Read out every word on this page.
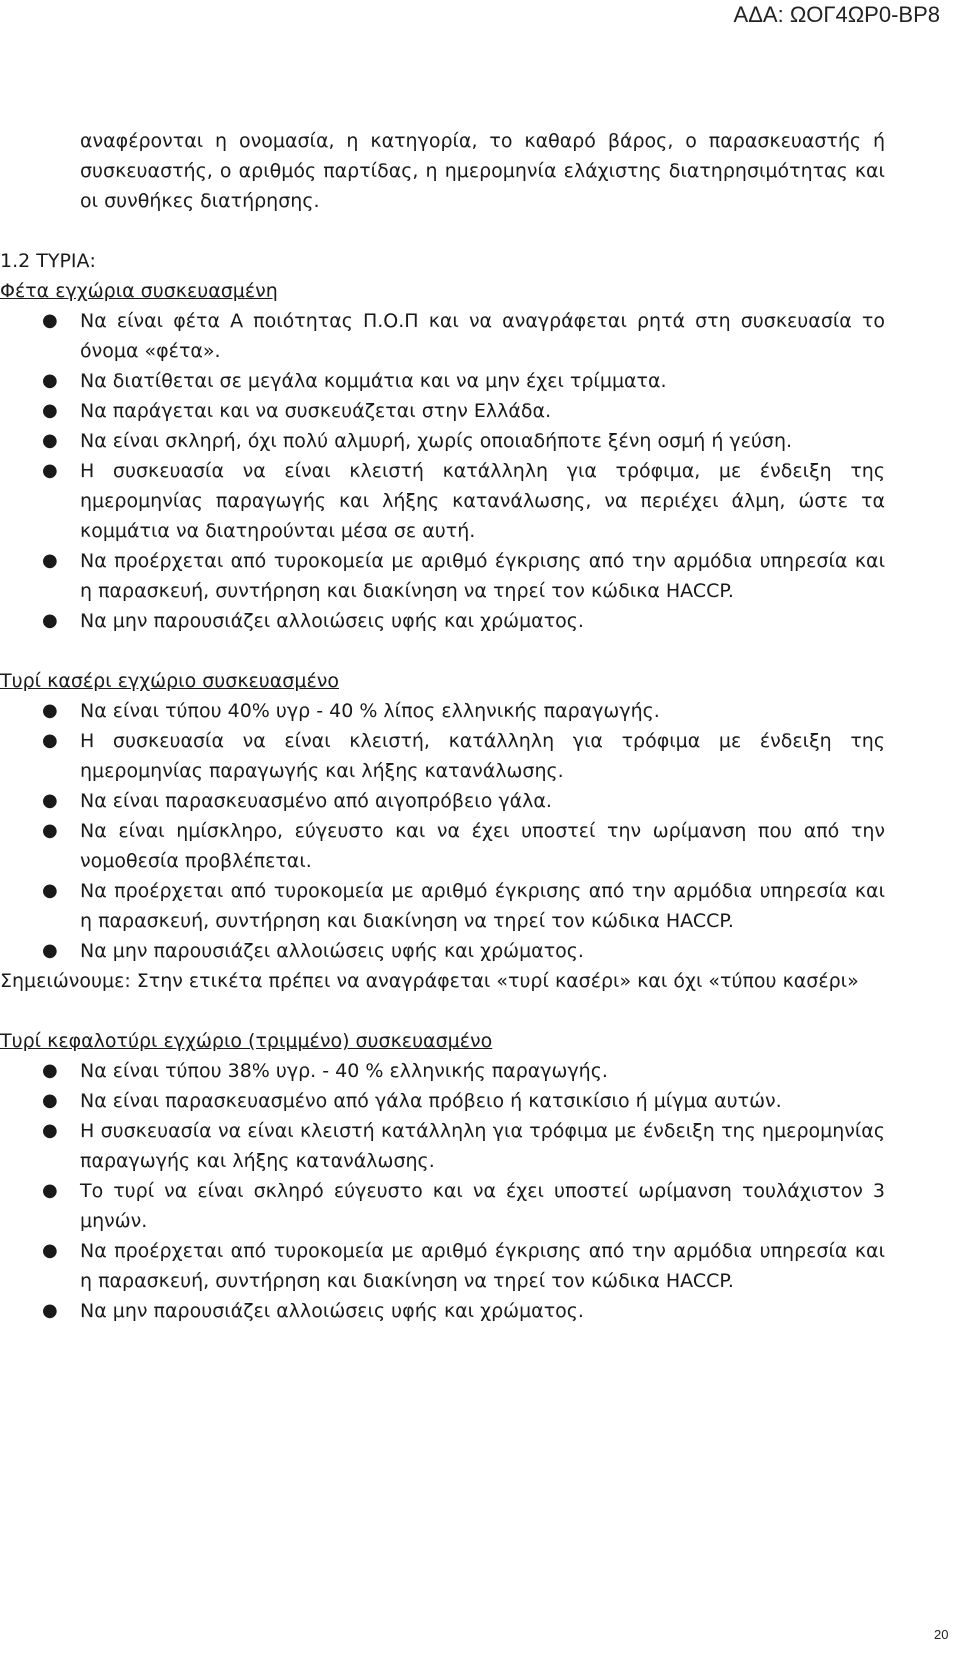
ΑΔΑ: ΩΟΓ4ΩΡ0-ΒΡ8
αναφέρονται η ονομασία, η κατηγορία, το καθαρό βάρος, ο παρασκευαστής ή συσκευαστής, ο αριθμός παρτίδας, η ημερομηνία ελάχιστης διατηρησιμότητας και οι συνθήκες διατήρησης.
1.2 ΤΥΡΙΑ:
Φέτα εγχώρια συσκευασμένη
● Να είναι φέτα Α ποιότητας Π.Ο.Π και να αναγράφεται ρητά στη συσκευασία το όνομα «φέτα».
● Να διατίθεται σε μεγάλα κομμάτια και να μην έχει τρίμματα.
● Να παράγεται και να συσκευάζεται στην Ελλάδα.
● Να είναι σκληρή, όχι πολύ αλμυρή, χωρίς οποιαδήποτε ξένη οσμή ή γεύση.
● Η συσκευασία να είναι κλειστή κατάλληλη για τρόφιμα, με ένδειξη της ημερομηνίας παραγωγής και λήξης κατανάλωσης, να περιέχει άλμη, ώστε τα κομμάτια να διατηρούνται μέσα σε αυτή.
● Να προέρχεται από τυροκομεία με αριθμό έγκρισης από την αρμόδια υπηρεσία και η παρασκευή, συντήρηση και διακίνηση να τηρεί τον κώδικα HACCP.
● Να μην παρουσιάζει αλλοιώσεις υφής και χρώματος.
Τυρί κασέρι εγχώριο συσκευασμένο
● Να είναι τύπου 40% υγρ - 40 % λίπος ελληνικής παραγωγής.
● Η συσκευασία να είναι κλειστή, κατάλληλη για τρόφιμα με ένδειξη της ημερομηνίας παραγωγής και λήξης κατανάλωσης.
● Να είναι παρασκευασμένο από αιγοπρόβειο γάλα.
● Να είναι ημίσκληρο, εύγευστο και να έχει υποστεί την ωρίμανση που από την νομοθεσία προβλέπεται.
● Να προέρχεται από τυροκομεία με αριθμό έγκρισης από την αρμόδια υπηρεσία και η παρασκευή, συντήρηση και διακίνηση να τηρεί τον κώδικα HACCP.
● Να μην παρουσιάζει αλλοιώσεις υφής και χρώματος.
Σημειώνουμε: Στην ετικέτα πρέπει να αναγράφεται «τυρί κασέρι» και όχι «τύπου κασέρι»
Τυρί κεφαλοτύρι εγχώριο (τριμμένο) συσκευασμένο
● Να είναι τύπου 38% υγρ. - 40 % ελληνικής παραγωγής.
● Να είναι παρασκευασμένο από γάλα πρόβειο ή κατσικίσιο ή μίγμα αυτών.
● Η συσκευασία να είναι κλειστή κατάλληλη για τρόφιμα με ένδειξη της ημερομηνίας παραγωγής και λήξης κατανάλωσης.
● Το τυρί να είναι σκληρό εύγευστο και να έχει υποστεί ωρίμανση τουλάχιστον 3 μηνών.
● Να προέρχεται από τυροκομεία με αριθμό έγκρισης από την αρμόδια υπηρεσία και η παρασκευή, συντήρηση και διακίνηση να τηρεί τον κώδικα HACCP.
● Να μην παρουσιάζει αλλοιώσεις υφής και χρώματος.
20
